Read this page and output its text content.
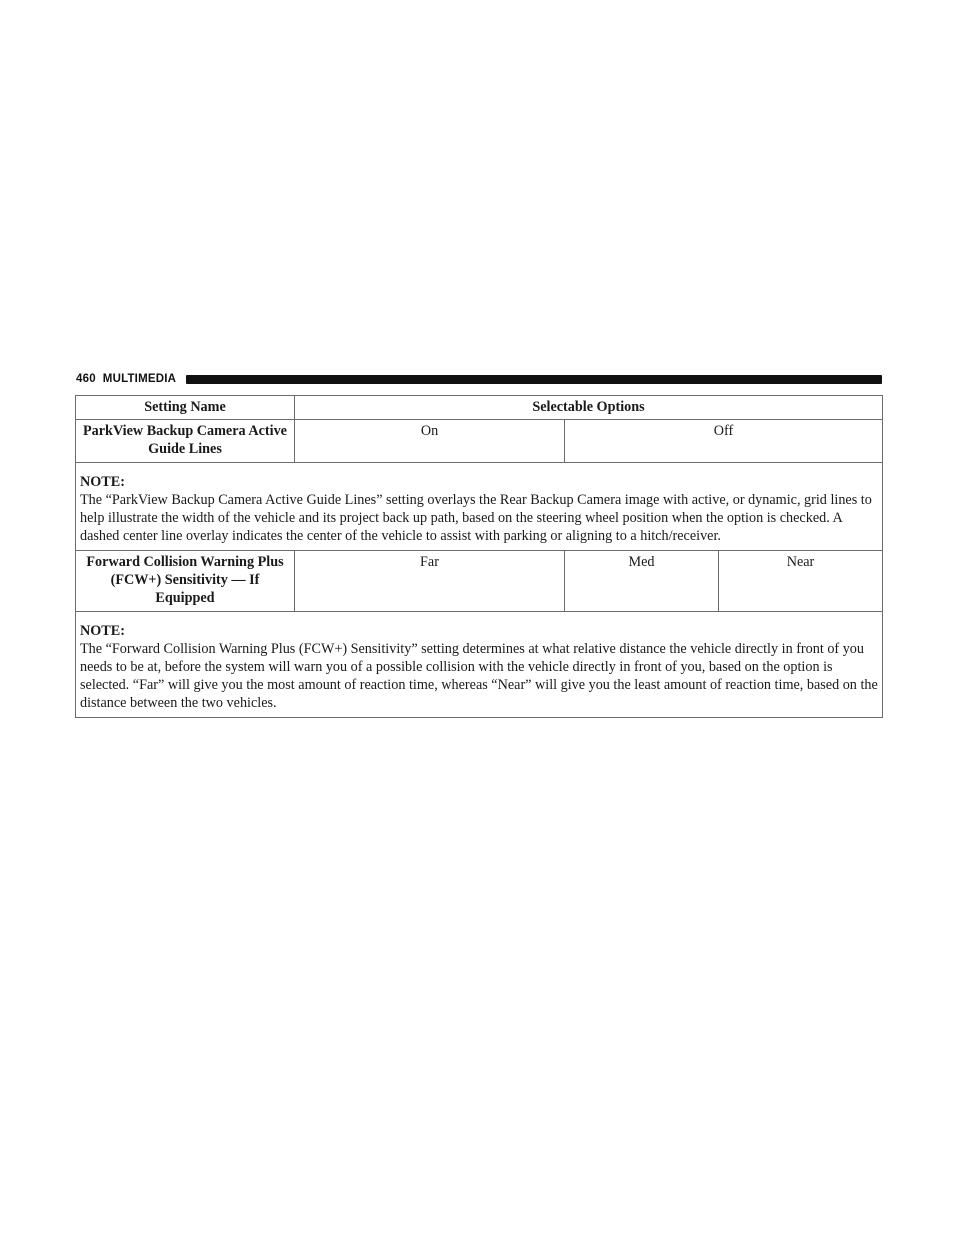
460 MULTIMEDIA
Setting Name	Selectable Options		
ParkView Backup Camera Active Guide Lines	On	Off	

NOTE:
The “ParkView Backup Camera Active Guide Lines” setting overlays the Rear Backup Camera image with active, or dynamic, grid lines to help illustrate the width of the vehicle and its project back up path, based on the steering wheel position when the option is checked. A dashed center line overlay indicates the center of the vehicle to assist with parking or aligning to a hitch/receiver.			

Forward Collision Warning Plus (FCW+) Sensitivity — If Equipped	Far	Med	Near

NOTE:
The “Forward Collision Warning Plus (FCW+) Sensitivity” setting determines at what relative distance the vehicle directly in front of you needs to be at, before the system will warn you of a possible collision with the vehicle directly in front of you, based on the option is selected. “Far” will give you the most amount of reaction time, whereas “Near” will give you the least amount of reaction time, based on the distance between the two vehicles.			
